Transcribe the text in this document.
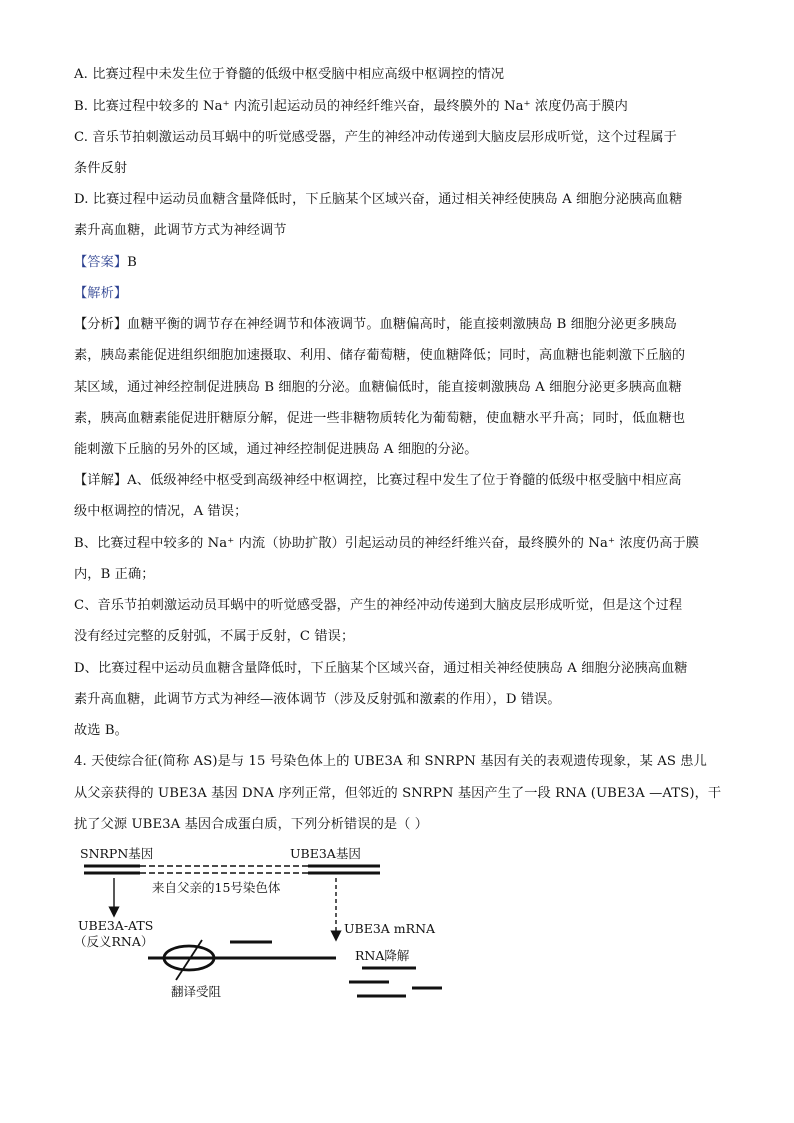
A. 比赛过程中未发生位于脊髓的低级中枢受脑中相应高级中枢调控的情况

B. 比赛过程中较多的 Na⁺ 内流引起运动员的神经纤维兴奋，最终膜外的 Na⁺ 浓度仍高于膜内

C. 音乐节拍刺激运动员耳蜗中的听觉感受器，产生的神经冲动传递到大脑皮层形成听觉，这个过程属于

条件反射

D. 比赛过程中运动员血糖含量降低时，下丘脑某个区域兴奋，通过相关神经使胰岛 A 细胞分泌胰高血糖

素升高血糖，此调节方式为神经调节

【答案】B

【解析】

【分析】血糖平衡的调节存在神经调节和体液调节。血糖偏高时，能直接刺激胰岛 B 细胞分泌更多胰岛

素，胰岛素能促进组织细胞加速摄取、利用、储存葡萄糖，使血糖降低；同时，高血糖也能刺激下丘脑的

某区域，通过神经控制促进胰岛 B 细胞的分泌。血糖偏低时，能直接刺激胰岛 A 细胞分泌更多胰高血糖

素，胰高血糖素能促进肝糖原分解，促进一些非糖物质转化为葡萄糖，使血糖水平升高；同时，低血糖也

能刺激下丘脑的另外的区域，通过神经控制促进胰岛 A 细胞的分泌。

【详解】A、低级神经中枢受到高级神经中枢调控，比赛过程中发生了位于脊髓的低级中枢受脑中相应高

级中枢调控的情况，A 错误；

B、比赛过程中较多的 Na⁺ 内流（协助扩散）引起运动员的神经纤维兴奋，最终膜外的 Na⁺ 浓度仍高于膜

内，B 正确；

C、音乐节拍刺激运动员耳蜗中的听觉感受器，产生的神经冲动传递到大脑皮层形成听觉，但是这个过程

没有经过完整的反射弧，不属于反射，C 错误；

D、比赛过程中运动员血糖含量降低时，下丘脑某个区域兴奋，通过相关神经使胰岛 A 细胞分泌胰高血糖

素升高血糖，此调节方式为神经—液体调节（涉及反射弧和激素的作用），D 错误。

故选 B。

4. 天使综合征(简称 AS)是与 15 号染色体上的 UBE3A 和 SNRPN 基因有关的表观遗传现象，某 AS 患儿

从父亲获得的 UBE3A 基因 DNA 序列正常，但邻近的 SNRPN 基因产生了一段 RNA (UBE3A —ATS)，干

扰了父源 UBE3A 基因合成蛋白质，下列分析错误的是（ ）

SNRPN基因	UBE3A基因
来自父亲的15号染色体
UBE3A-ATS
（反义RNA）
UBE3A mRNA
RNA降解
翻译受阻
